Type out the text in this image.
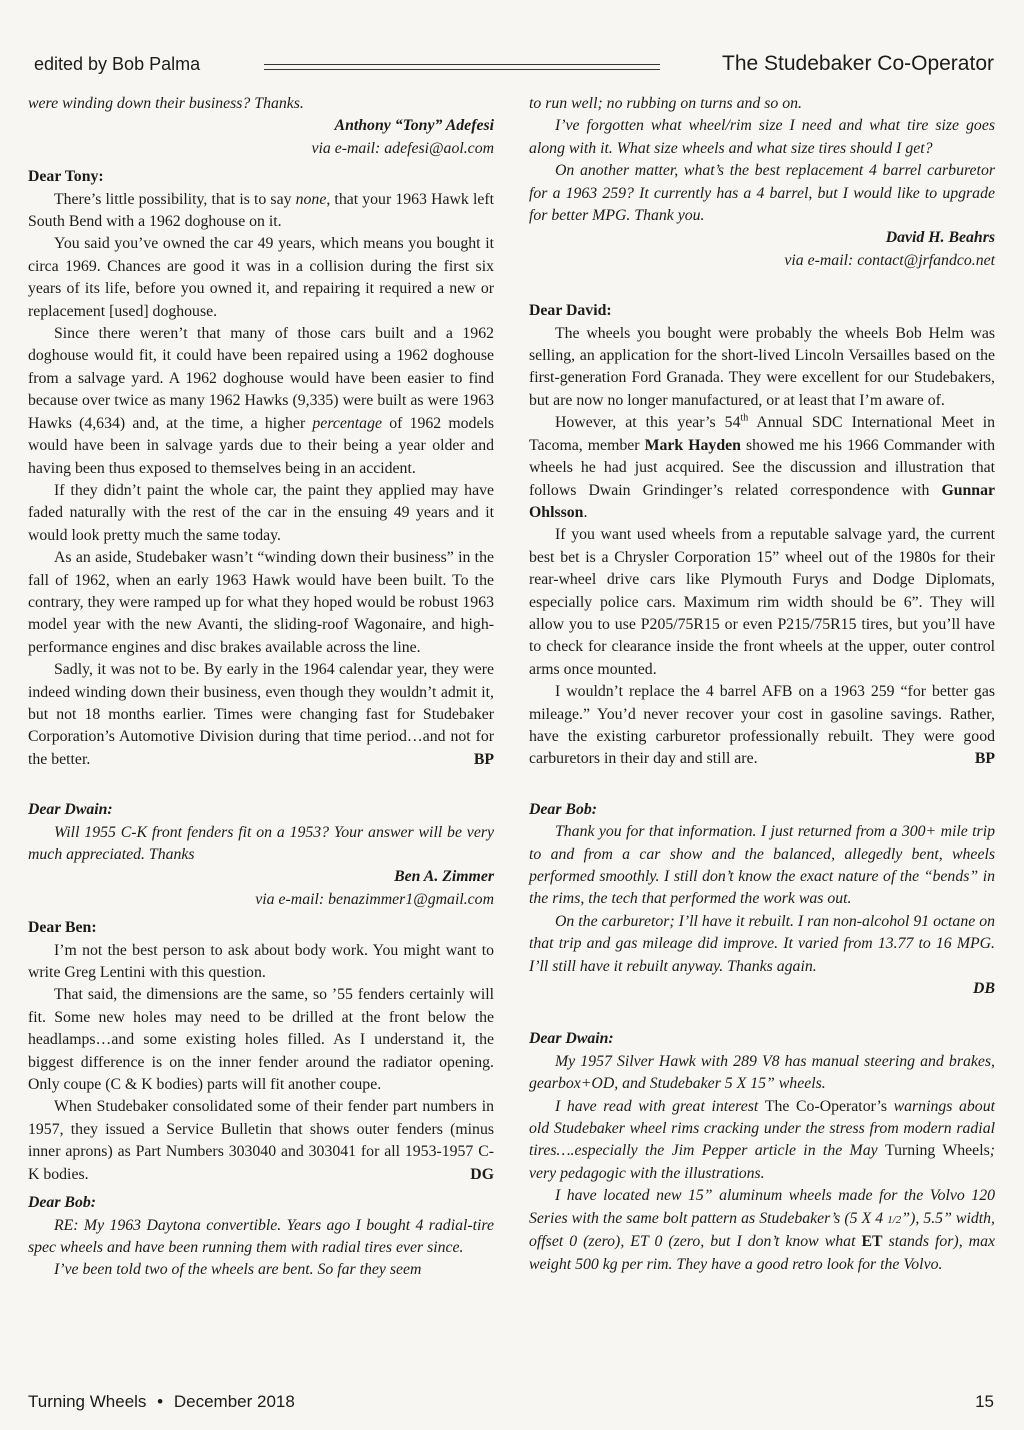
edited by Bob Palma	The Studebaker Co-Operator

were winding down their business? Thanks.

Anthony “Tony” Adefesi

via e-mail: adefesi@aol.com

Dear Tony:

There’s little possibility, that is to say none, that your 1963 Hawk left South Bend with a 1962 doghouse on it.

You said you’ve owned the car 49 years, which means you bought it circa 1969. Chances are good it was in a collision during the first six years of its life, before you owned it, and repairing it required a new or replacement [used] doghouse.

Since there weren’t that many of those cars built and a 1962 doghouse would fit, it could have been repaired using a 1962 doghouse from a salvage yard. A 1962 doghouse would have been easier to find because over twice as many 1962 Hawks (9,335) were built as were 1963 Hawks (4,634) and, at the time, a higher percentage of 1962 models would have been in salvage yards due to their being a year older and having been thus exposed to themselves being in an accident.

If they didn’t paint the whole car, the paint they applied may have faded naturally with the rest of the car in the ensuing 49 years and it would look pretty much the same today.

As an aside, Studebaker wasn’t “winding down their business” in the fall of 1962, when an early 1963 Hawk would have been built. To the contrary, they were ramped up for what they hoped would be robust 1963 model year with the new Avanti, the sliding-roof Wagonaire, and high-performance engines and disc brakes available across the line.

Sadly, it was not to be. By early in the 1964 calendar year, they were indeed winding down their business, even though they wouldn’t admit it, but not 18 months earlier. Times were changing fast for Studebaker Corporation’s Automotive Division during that time period…and not for the better.	BP

Dear Dwain:

Will 1955 C-K front fenders fit on a 1953? Your answer will be very much appreciated. Thanks

Ben A. Zimmer

via e-mail: benazimmer1@gmail.com

Dear Ben:

I’m not the best person to ask about body work. You might want to write Greg Lentini with this question.

That said, the dimensions are the same, so ’55 fenders certainly will fit. Some new holes may need to be drilled at the front below the headlamps…and some existing holes filled. As I understand it, the biggest difference is on the inner fender around the radiator opening. Only coupe (C & K bodies) parts will fit another coupe.

When Studebaker consolidated some of their fender part numbers in 1957, they issued a Service Bulletin that shows outer fenders (minus inner aprons) as Part Numbers 303040 and 303041 for all 1953-1957 C-K bodies.	DG

Dear Bob:

RE: My 1963 Daytona convertible. Years ago I bought 4 radial-tire spec wheels and have been running them with radial tires ever since.

I’ve been told two of the wheels are bent. So far they seem

to run well; no rubbing on turns and so on.

I’ve forgotten what wheel/rim size I need and what tire size goes along with it. What size wheels and what size tires should I get?

On another matter, what’s the best replacement 4 barrel carburetor for a 1963 259? It currently has a 4 barrel, but I would like to upgrade for better MPG. Thank you.

David H. Beahrs

via e-mail: contact@jrfandco.net

Dear David:

The wheels you bought were probably the wheels Bob Helm was selling, an application for the short-lived Lincoln Versailles based on the first-generation Ford Granada. They were excellent for our Studebakers, but are now no longer manufactured, or at least that I’m aware of.

However, at this year’s 54th Annual SDC International Meet in Tacoma, member Mark Hayden showed me his 1966 Commander with wheels he had just acquired. See the discussion and illustration that follows Dwain Grindinger’s related correspondence with Gunnar Ohlsson.

If you want used wheels from a reputable salvage yard, the current best bet is a Chrysler Corporation 15” wheel out of the 1980s for their rear-wheel drive cars like Plymouth Furys and Dodge Diplomats, especially police cars. Maximum rim width should be 6”. They will allow you to use P205/75R15 or even P215/75R15 tires, but you’ll have to check for clearance inside the front wheels at the upper, outer control arms once mounted.

I wouldn’t replace the 4 barrel AFB on a 1963 259 “for better gas mileage.” You’d never recover your cost in gasoline savings. Rather, have the existing carburetor professionally rebuilt. They were good carburetors in their day and still are.	BP

Dear Bob:

Thank you for that information. I just returned from a 300+ mile trip to and from a car show and the balanced, allegedly bent, wheels performed smoothly. I still don’t know the exact nature of the “bends” in the rims, the tech that performed the work was out.

On the carburetor; I’ll have it rebuilt. I ran non-alcohol 91 octane on that trip and gas mileage did improve. It varied from 13.77 to 16 MPG. I’ll still have it rebuilt anyway. Thanks again.

DB

Dear Dwain:

My 1957 Silver Hawk with 289 V8 has manual steering and brakes, gearbox+OD, and Studebaker 5 X 15” wheels.

I have read with great interest The Co-Operator’s warnings about old Studebaker wheel rims cracking under the stress from modern radial tires….especially the Jim Pepper article in the May Turning Wheels; very pedagogic with the illustrations.

I have located new 15” aluminum wheels made for the Volvo 120 Series with the same bolt pattern as Studebaker’s (5 X 4 1/2”), 5.5” width, offset 0 (zero), ET 0 (zero, but I don’t know what ET stands for), max weight 500 kg per rim. They have a good retro look for the Volvo.

Turning Wheels • December 2018	15
